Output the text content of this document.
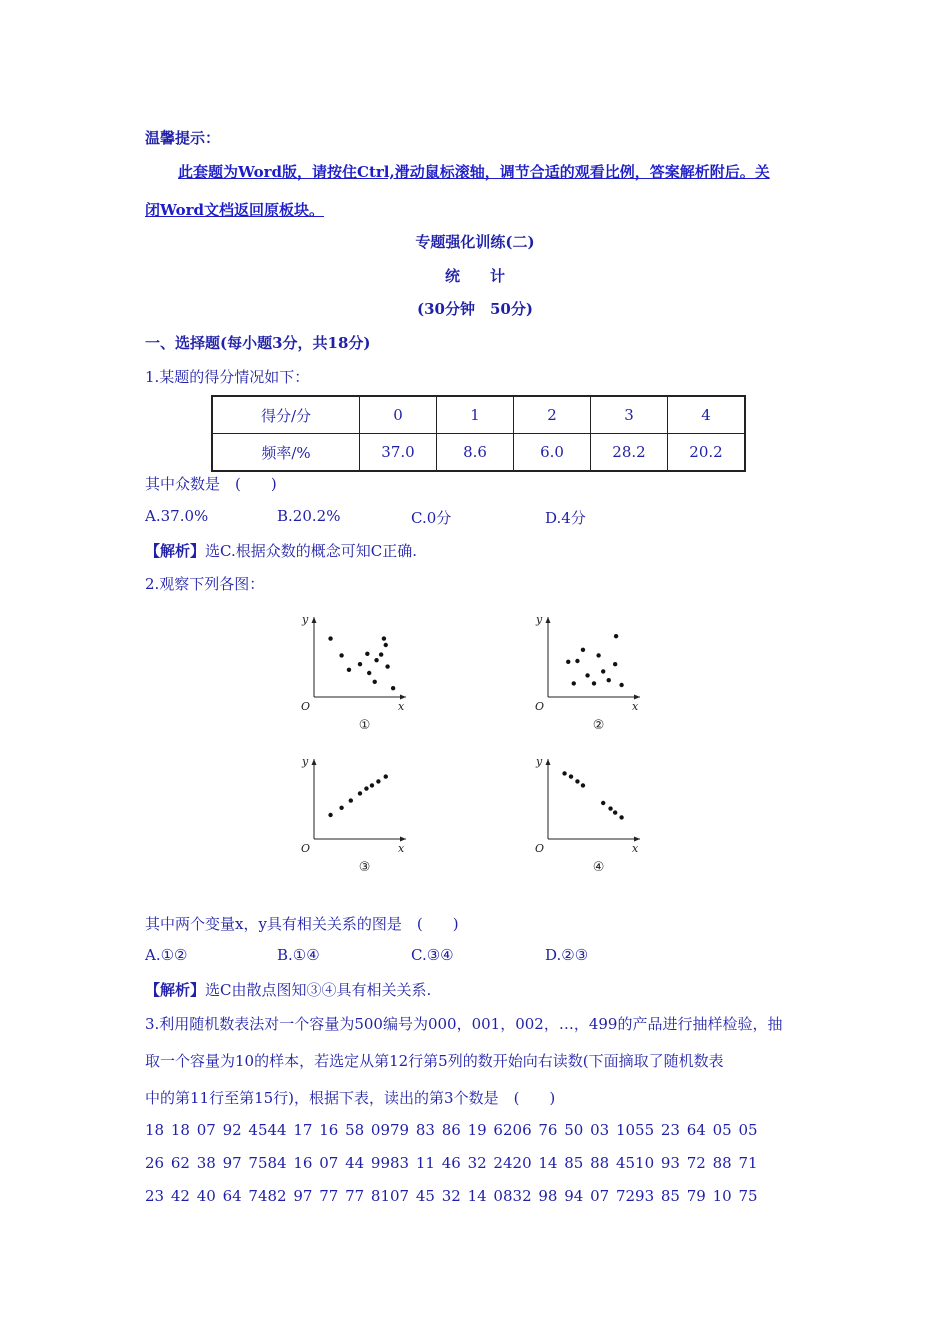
温馨提示：
此套题为Word版，请按住Ctrl,滑动鼠标滚轴，调节合适的观看比例，答案解析附后。关
闭Word文档返回原板块。
专题强化训练(二)
统　　计
(30分钟　50分)
一、选择题(每小题3分，共18分)
1.某题的得分情况如下：
得分/分	0	1	2	3	4
频率/%	37.0	8.6	6.0	28.2	20.2
其中众数是　(　　)
A.37.0%	B.20.2%	C.0分	D.4分
【解析】选C.根据众数的概念可知C正确.
2.观察下列各图：
y
x
O
①
y
x
O
②
y
x
O
③
y
x
O
④
其中两个变量x，y具有相关关系的图是　(　　)
A.①②	B.①④	C.③④	D.②③
【解析】选C由散点图知③④具有相关关系.
3.利用随机数表法对一个容量为500编号为000，001，002，…，499的产品进行抽样检验，抽
取一个容量为10的样本，若选定从第12行第5列的数开始向右读数(下面摘取了随机数表
中的第11行至第15行)，根据下表，读出的第3个数是　(　　)
18 18 07 92 4544 17 16 58 0979 83 86 19 6206 76 50 03 1055 23 64 05 05
26 62 38 97 7584 16 07 44 9983 11 46 32 2420 14 85 88 4510 93 72 88 71
23 42 40 64 7482 97 77 77 8107 45 32 14 0832 98 94 07 7293 85 79 10 75
